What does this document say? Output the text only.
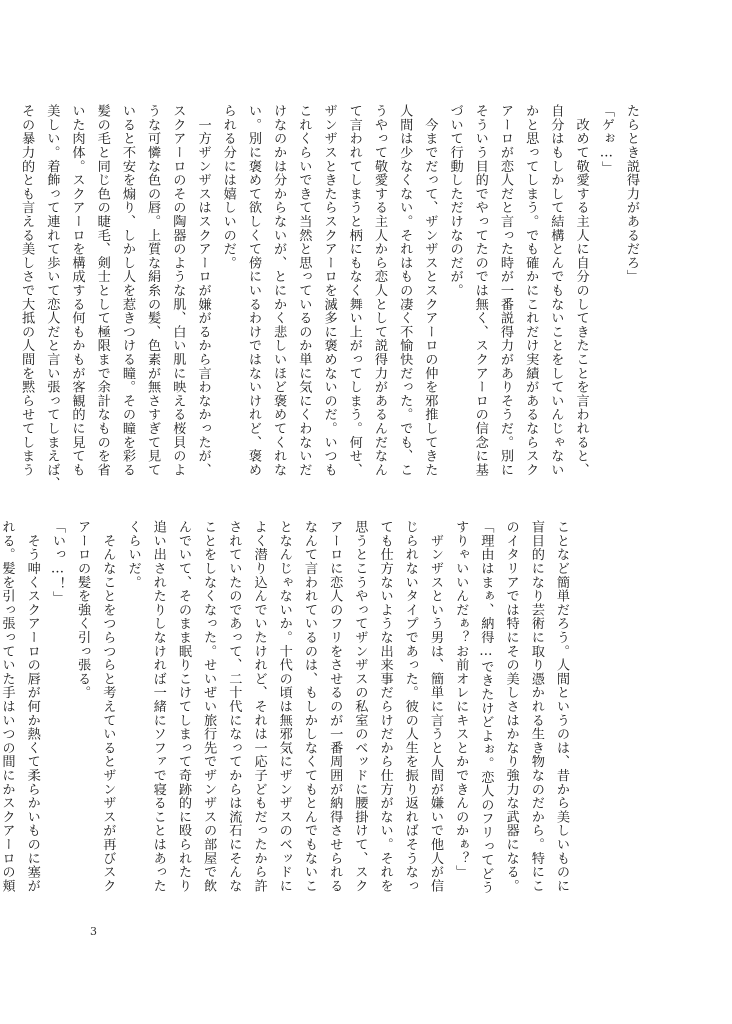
たらとき説得力があるだろ」

「ゲぉ…」

　改めて敬愛する主人に自分のしてきたことを言われると、

自分はもしかして結構とんでもないことをしていんじゃない

かと思ってしまう。でも確かにこれだけ実績があるならスク

アーロが恋人だと言った時が一番説得力がありそうだ。別に

そういう目的でやってたのでは無く、スクアーロの信念に基

づいて行動しただけなのだが。

　今までだって、ザンザスとスクアーロの仲を邪推してきた

人間は少なくない。それはもの凄く不愉快だった。でも、こ

うやって敬愛する主人から恋人として説得力があるんだなん

て言われてしまうと柄にもなく舞い上がってしまう。何せ、

ザンザスときたらスクアーロを滅多に褒めないのだ。いつも

これくらいできて当然と思っているのか単に気にくわないだ

けなのかは分からないが、とにかく悲しいほど褒めてくれな

い。別に褒めて欲しくて傍にいるわけではないけれど、褒め

られる分には嬉しいのだ。

　一方ザンザスはスクアーロが嫌がるから言わなかったが、

スクアーロのその陶器のような肌、白い肌に映える桜貝のよ

うな可憐な色の唇。上質な絹糸の髪、色素が無さすぎて見て

いると不安を煽り、しかし人を惹きつける瞳。その瞳を彩る

髪の毛と同じ色の睫毛、剣士として極限まで余計なものを省

いた肉体。スクアーロを構成する何もかもが客観的に見ても

美しい。着飾って連れて歩いて恋人だと言い張ってしまえば、

その暴力的とも言える美しさで大抵の人間を黙らせてしまう

ことなど簡単だろう。人間というのは、昔から美しいものに

盲目的になり芸術に取り憑かれる生き物なのだから。特にこ

のイタリアでは特にその美しさはかなり強力な武器になる。

「理由はまぁ、納得…できたけどよぉ。恋人のフリってどう

すりゃいいんだぁ？お前オレにキスとかできんのかぁ？」

　ザンザスという男は、簡単に言うと人間が嫌いで他人が信

じられないタイプであった。彼の人生を振り返ればそうなっ

ても仕方ないような出来事だらけだから仕方がない。それを

思うとこうやってザンザスの私室のベッドに腰掛けて、スク

アーロに恋人のフリをさせるのが一番周囲が納得させられる

なんて言われているのは、もしかしなくてもとんでもないこ

となんじゃないか。十代の頃は無邪気にザンザスのベッドに

よく潜り込んでいたけれど、それは一応子どもだったから許

されていたのであって、二十代になってからは流石にそんな

ことをしなくなった。せいぜい旅行先でザンザスの部屋で飲

んでいて、そのまま眠りこけてしまって奇跡的に殴られたり

追い出されたりしなければ一緒にソファで寝ることはあった

くらいだ。

　そんなことをつらつらと考えているとザンザスが再びスク

アーロの髪を強く引っ張る。

「いっ…！」

　そう呻くスクアーロの唇が何か熱くて柔らかいものに塞が

れる。髪を引っ張っていた手はいつの間にかスクアーロの頬

3
